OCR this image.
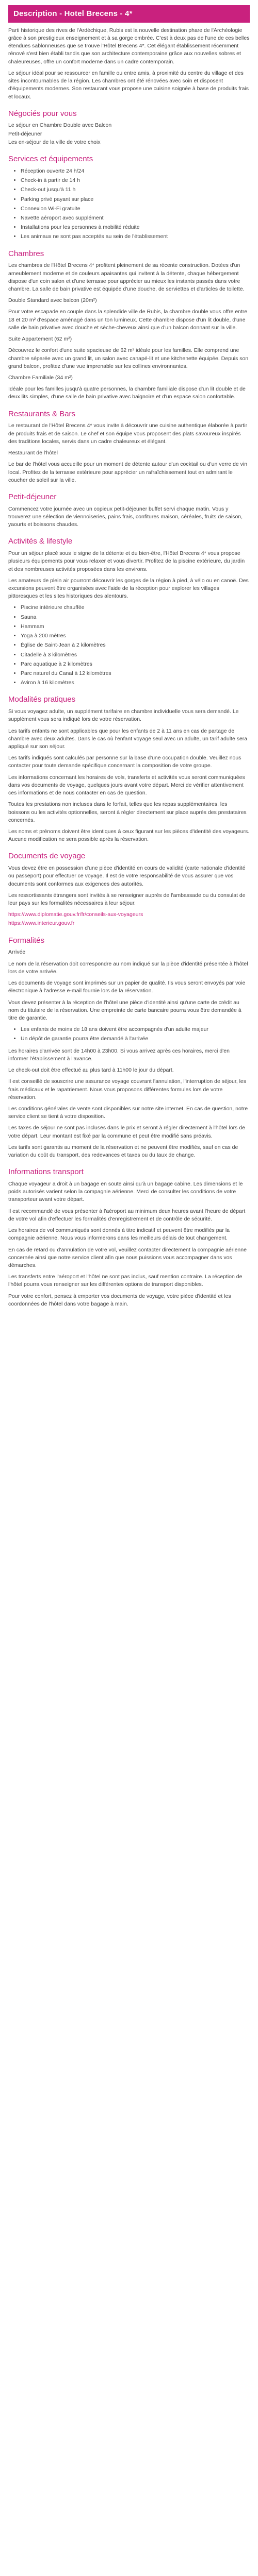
Description - Hotel Brecens - 4*

Parti historique des rives de l'Ardèchique, Rubis est la nouvelle destination phare de l'Archéologie grâce à son prestigieux enseignement et à sa gorge ombrée. C'est à deux pas de l'une de ces belles étendues sablonneuses que se trouve l'Hôtel Brecens 4*. Cet élégant établissement récemment rénové s'est bien établi tandis que son architecture contemporaine grâce aux nouvelles sobres et chaleureuses, offre un confort moderne dans un cadre contemporain.

Le séjour idéal pour se ressourcer en famille ou entre amis, à proximité du centre du village et des sites incontournables de la région. Les chambres ont été rénovées avec soin et disposent d'équipements modernes. Son restaurant vous propose une cuisine soignée à base de produits frais et locaux.

Négociés pour vous

Le séjour en Chambre Double avec Balcon

Petit-déjeuner

Les en-séjour de la ville de votre choix

Services et équipements
• Réception ouverte 24 h/24
• Check-in à partir de 14 h
• Check-out jusqu'à 11 h
• Parking privé payant sur place
• Connexion Wi-Fi gratuite
• Navette aéroport avec supplément
• Installations pour les personnes à mobilité réduite
• Les animaux ne sont pas acceptés au sein de l'établissement
Chambres

Les chambres de l'Hôtel Brecens 4* profitent pleinement de sa récente construction. Dotées d'un ameublement moderne et de couleurs apaisantes qui invitent à la détente, chaque hébergement dispose d'un coin salon et d'une terrasse pour apprécier au mieux les instants passés dans votre chambre. La salle de bain privative est équipée d'une douche, de serviettes et d'articles de toilette.

Double Standard avec balcon (20m²)

Pour votre escapade en couple dans la splendide ville de Rubis, la chambre double vous offre entre 18 et 20 m² d'espace aménagé dans un ton lumineux. Cette chambre dispose d'un lit double, d'une salle de bain privative avec douche et sèche-cheveux ainsi que d'un balcon donnant sur la ville.

Suite Appartement (62 m²)

Découvrez le confort d'une suite spacieuse de 62 m² idéale pour les familles. Elle comprend une chambre séparée avec un grand lit, un salon avec canapé-lit et une kitchenette équipée. Depuis son grand balcon, profitez d'une vue imprenable sur les collines environnantes.

Chambre Familiale (34 m²)

Idéale pour les familles jusqu'à quatre personnes, la chambre familiale dispose d'un lit double et de deux lits simples, d'une salle de bain privative avec baignoire et d'un espace salon confortable.

Restaurants & Bars

Le restaurant de l'Hôtel Brecens 4* vous invite à découvrir une cuisine authentique élaborée à partir de produits frais et de saison. Le chef et son équipe vous proposent des plats savoureux inspirés des traditions locales, servis dans un cadre chaleureux et élégant.

Restaurant de l'hôtel

Le bar de l'hôtel vous accueille pour un moment de détente autour d'un cocktail ou d'un verre de vin local. Profitez de la terrasse extérieure pour apprécier un rafraîchissement tout en admirant le coucher de soleil sur la ville.

Petit-déjeuner

Commencez votre journée avec un copieux petit-déjeuner buffet servi chaque matin. Vous y trouverez une sélection de viennoiseries, pains frais, confitures maison, céréales, fruits de saison, yaourts et boissons chaudes.

Activités & lifestyle

Pour un séjour placé sous le signe de la détente et du bien-être, l'Hôtel Brecens 4* vous propose plusieurs équipements pour vous relaxer et vous divertir. Profitez de la piscine extérieure, du jardin et des nombreuses activités proposées dans les environs.

Les amateurs de plein air pourront découvrir les gorges de la région à pied, à vélo ou en canoë. Des excursions peuvent être organisées avec l'aide de la réception pour explorer les villages pittoresques et les sites historiques des alentours.

• Piscine intérieure chauffée
• Sauna
• Hammam
• Yoga à 200 mètres
• Église de Saint-Jean à 2 kilomètres
• Citadelle à 3 kilomètres
• Parc aquatique à 2 kilomètres
• Parc naturel du Canal à 12 kilomètres
• Aviron à 16 kilomètres
Modalités pratiques

Si vous voyagez adulte, un supplément tarifaire en chambre individuelle vous sera demandé. Le supplément vous sera indiqué lors de votre réservation.

Les tarifs enfants ne sont applicables que pour les enfants de 2 à 11 ans en cas de partage de chambre avec deux adultes. Dans le cas où l'enfant voyage seul avec un adulte, un tarif adulte sera appliqué sur son séjour.

Les tarifs indiqués sont calculés par personne sur la base d'une occupation double. Veuillez nous contacter pour toute demande spécifique concernant la composition de votre groupe.

Les informations concernant les horaires de vols, transferts et activités vous seront communiquées dans vos documents de voyage, quelques jours avant votre départ. Merci de vérifier attentivement ces informations et de nous contacter en cas de question.

Toutes les prestations non incluses dans le forfait, telles que les repas supplémentaires, les boissons ou les activités optionnelles, seront à régler directement sur place auprès des prestataires concernés.

Les noms et prénoms doivent être identiques à ceux figurant sur les pièces d'identité des voyageurs. Aucune modification ne sera possible après la réservation.

Documents de voyage

Vous devez être en possession d'une pièce d'identité en cours de validité (carte nationale d'identité ou passeport) pour effectuer ce voyage. Il est de votre responsabilité de vous assurer que vos documents sont conformes aux exigences des autorités.

Les ressortissants étrangers sont invités à se renseigner auprès de l'ambassade ou du consulat de leur pays sur les formalités nécessaires à leur séjour.

https://www.diplomatie.gouv.fr/fr/conseils-aux-voyageurs

https://www.interieur.gouv.fr

Formalités

Arrivée

Le nom de la réservation doit correspondre au nom indiqué sur la pièce d'identité présentée à l'hôtel lors de votre arrivée.

Les documents de voyage sont imprimés sur un papier de qualité. Ils vous seront envoyés par voie électronique à l'adresse e-mail fournie lors de la réservation.

Vous devez présenter à la réception de l'hôtel une pièce d'identité ainsi qu'une carte de crédit au nom du titulaire de la réservation. Une empreinte de carte bancaire pourra vous être demandée à titre de garantie.

• Les enfants de moins de 18 ans doivent être accompagnés d'un adulte majeur
• Un dépôt de garantie pourra être demandé à l'arrivée

Les horaires d'arrivée sont de 14h00 à 23h00. Si vous arrivez après ces horaires, merci d'en informer l'établissement à l'avance.

Le check-out doit être effectué au plus tard à 11h00 le jour du départ.

Il est conseillé de souscrire une assurance voyage couvrant l'annulation, l'interruption de séjour, les frais médicaux et le rapatriement. Nous vous proposons différentes formules lors de votre réservation.

Les conditions générales de vente sont disponibles sur notre site internet. En cas de question, notre service client se tient à votre disposition.

Les taxes de séjour ne sont pas incluses dans le prix et seront à régler directement à l'hôtel lors de votre départ. Leur montant est fixé par la commune et peut être modifié sans préavis.

Les tarifs sont garantis au moment de la réservation et ne peuvent être modifiés, sauf en cas de variation du coût du transport, des redevances et taxes ou du taux de change.

Informations transport

Chaque voyageur a droit à un bagage en soute ainsi qu'à un bagage cabine. Les dimensions et le poids autorisés varient selon la compagnie aérienne. Merci de consulter les conditions de votre transporteur avant votre départ.

Il est recommandé de vous présenter à l'aéroport au minimum deux heures avant l'heure de départ de votre vol afin d'effectuer les formalités d'enregistrement et de contrôle de sécurité.

Les horaires de vol communiqués sont donnés à titre indicatif et peuvent être modifiés par la compagnie aérienne. Nous vous informerons dans les meilleurs délais de tout changement.

En cas de retard ou d'annulation de votre vol, veuillez contacter directement la compagnie aérienne concernée ainsi que notre service client afin que nous puissions vous accompagner dans vos démarches.

Les transferts entre l'aéroport et l'hôtel ne sont pas inclus, sauf mention contraire. La réception de l'hôtel pourra vous renseigner sur les différentes options de transport disponibles.

Pour votre confort, pensez à emporter vos documents de voyage, votre pièce d'identité et les coordonnées de l'hôtel dans votre bagage à main.
